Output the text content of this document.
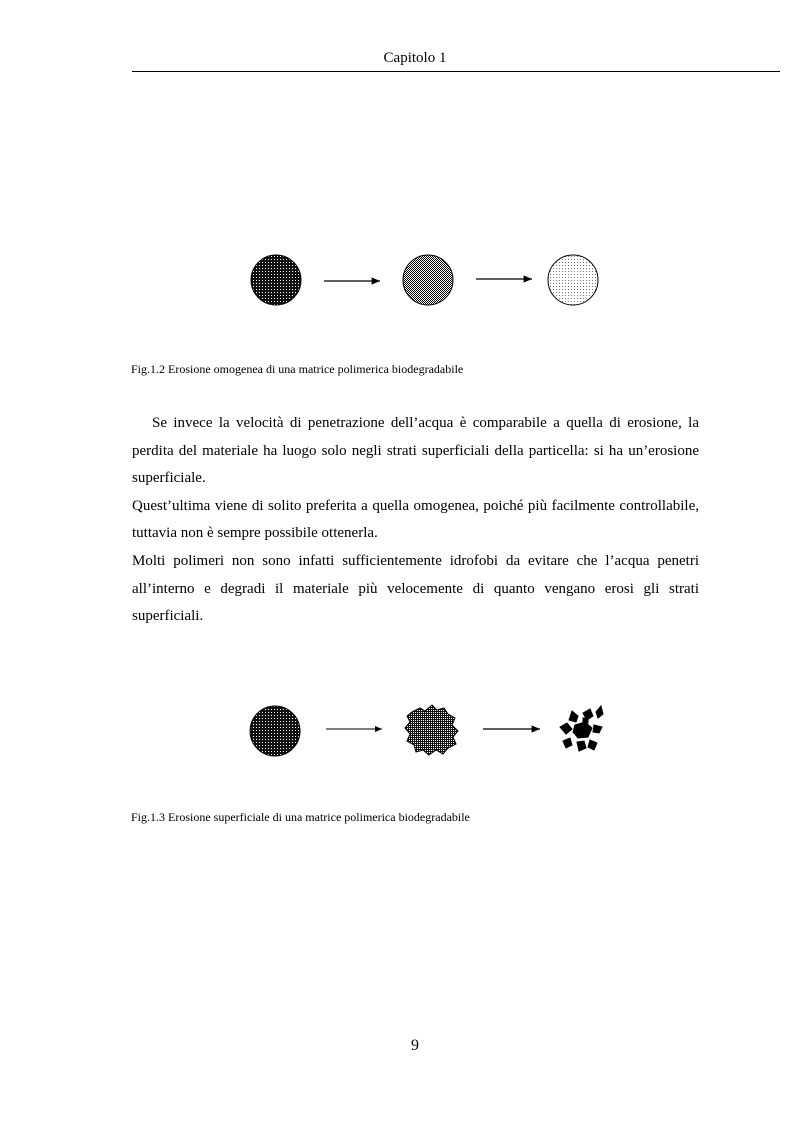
Capitolo 1
Fig.1.2 Erosione omogenea di una matrice polimerica biodegradabile

Se invece la velocità di penetrazione dell’acqua è comparabile a quella di erosione, la perdita del materiale ha luogo solo negli strati superficiali della particella: si ha un’erosione superficiale.

Quest’ultima viene di solito preferita a quella omogenea, poiché più facilmente controllabile, tuttavia non è sempre possibile ottenerla.

Molti polimeri non sono infatti sufficientemente idrofobi da evitare che l’acqua penetri all’interno e degradi il materiale più velocemente di quanto vengano erosi gli strati superficiali.

Fig.1.3 Erosione superficiale di una matrice polimerica biodegradabile
9
